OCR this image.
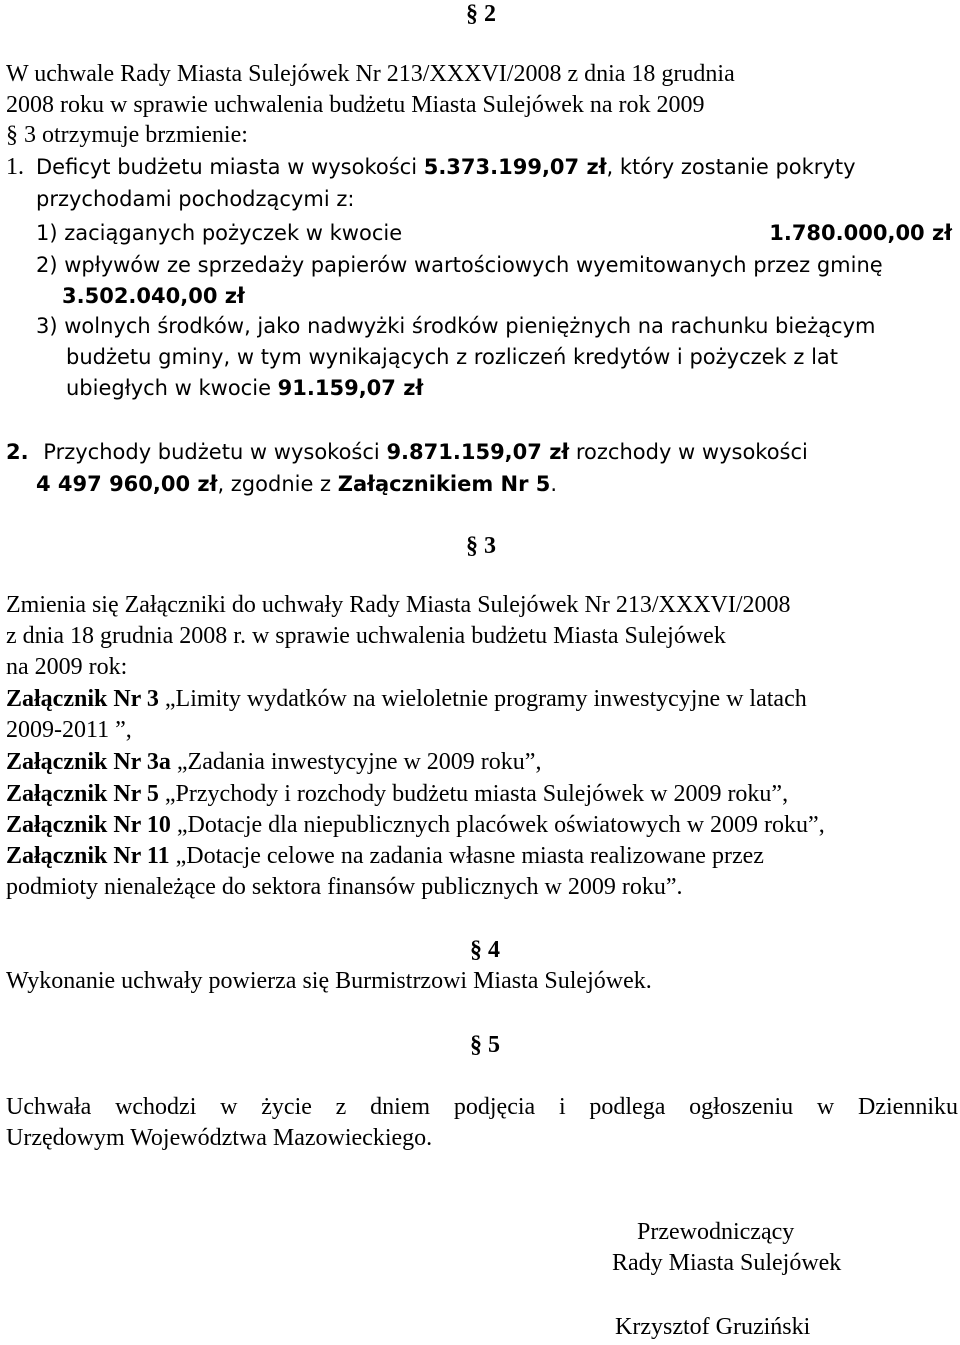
§ 2
W uchwale Rady Miasta Sulejówek Nr 213/XXXVI/2008 z dnia 18 grudnia
2008 roku w sprawie uchwalenia budżetu Miasta Sulejówek na rok 2009
§ 3 otrzymuje brzmienie:
1. Deficyt budżetu miasta w wysokości 5.373.199,07 zł, który zostanie pokryty
przychodami pochodzącymi z:
1) zaciąganych pożyczek w kwocie	1.780.000,00 zł
2) wpływów ze sprzedaży papierów wartościowych wyemitowanych przez gminę
3.502.040,00 zł
3) wolnych środków, jako nadwyżki środków pieniężnych na rachunku bieżącym
budżetu gminy, w tym wynikających z rozliczeń kredytów i pożyczek z lat
ubiegłych w kwocie 91.159,07 zł
2. Przychody budżetu w wysokości 9.871.159,07 zł rozchody w wysokości
4 497 960,00 zł, zgodnie z Załącznikiem Nr 5.
§ 3
Zmienia się Załączniki do uchwały Rady Miasta Sulejówek Nr 213/XXXVI/2008
z dnia 18 grudnia 2008 r. w sprawie uchwalenia budżetu Miasta Sulejówek
na 2009 rok:
Załącznik Nr 3 „Limity wydatków na wieloletnie programy inwestycyjne w latach
2009-2011 ”,
Załącznik Nr 3a „Zadania inwestycyjne w 2009 roku”,
Załącznik Nr 5 „Przychody i rozchody budżetu miasta Sulejówek w 2009 roku”,
Załącznik Nr 10 „Dotacje dla niepublicznych placówek oświatowych w 2009 roku”,
Załącznik Nr 11 „Dotacje celowe na zadania własne miasta realizowane przez
podmioty nienależące do sektora finansów publicznych w 2009 roku”.
§ 4
Wykonanie uchwały powierza się Burmistrzowi Miasta Sulejówek.
§ 5
Uchwała wchodzi w życie z dniem podjęcia i podlega ogłoszeniu w Dzienniku
Urzędowym Województwa Mazowieckiego.
Przewodniczący
Rady Miasta Sulejówek
Krzysztof Gruziński
